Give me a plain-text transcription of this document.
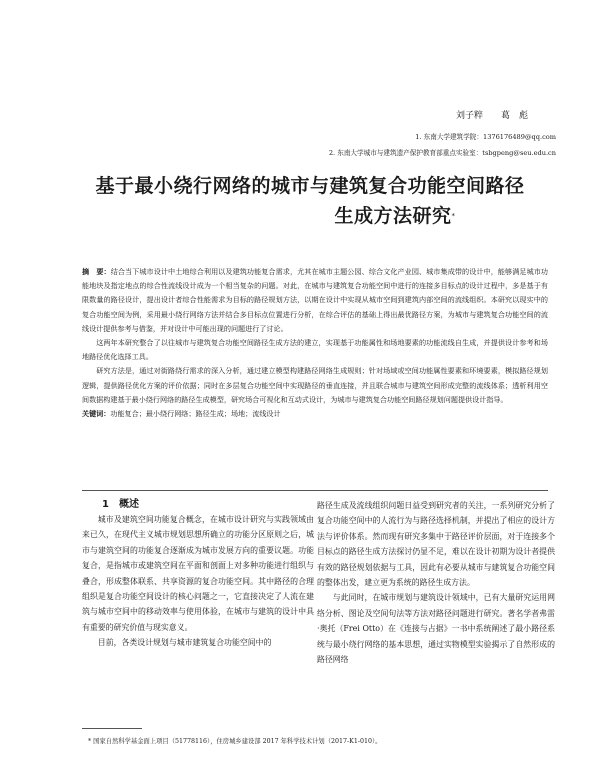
刘子粹　　葛　彪
1. 东南大学建筑学院：1376176489@qq.com
2. 东南大学城市与建筑遗产保护教育部重点实验室：tsbgpeng@seu.edu.cn
基于最小绕行网络的城市与建筑复合功能空间路径
生成方法研究*

摘　要：结合当下城市设计中土地综合利用以及建筑功能复合需求，尤其在城市主题公园、综合文化产业园、城市集成带的设计中，能够满足城市功能地块及指定地点的综合性流线设计成为一个相当复杂的问题。对此，在城市与建筑复合功能空间中进行的连接多目标点的设计过程中，多是基于有限数量的路径设计，提出设计者综合性能需求为目标的路径规划方法，以期在设计中实现从城市空间到建筑内部空间的流线组织。本研究以现实中的复合功能空间为例，采用最小绕行网络方法并结合多目标点位置进行分析，在综合评估的基础上得出最优路径方案，为城市与建筑复合功能空间的流线设计提供参考与借鉴，并对设计中可能出现的问题进行了讨论。

这两年本研究整合了以往城市与建筑复合功能空间路径生成方法的建立，实现基于功能属性和场地要素的功能流线自生成，并提供设计参考和场地路径优化选择工具。

研究方法是，通过对街路绕行需求的深入分析，通过建立模型构建路径网络生成规则；针对场域或空间功能属性要素和环境要素，模拟路径规划逻辑，提供路径优化方案的评价依据；同时在多层复合功能空间中实现路径的垂直连接，并且联合城市与建筑空间形成完整的流线体系；透析利用空间数据构建基于最小绕行网络的路径生成模型，研究场合可视化和互动式设计，为城市与建筑复合功能空间路径规划问题提供设计指导。

关键词：功能复合；最小绕行网络；路径生成；场地；流线设计

1　概述

城市及建筑空间功能复合概念，在城市设计研究与实践领域由来已久，在现代主义城市规划思想所确立的功能分区原则之后，城市与建筑空间的功能复合逐渐成为城市发展方向的重要议题。功能复合，是指城市或建筑空间在平面和剖面上对多种功能进行组织与叠合，形成整体联系、共享资源的复合功能空间。其中路径的合理组织是复合功能空间设计的核心问题之一，它直接决定了人流在建筑与城市空间中的移动效率与使用体验，在城市与建筑的设计中具有重要的研究价值与现实意义。

目前，各类设计规划与城市建筑复合功能空间中的

路径生成及流线组织问题日益受到研究者的关注，一系列研究分析了复合功能空间中的人流行为与路径选择机制，并提出了相应的设计方法与评价体系。然而现有研究多集中于路径评价层面，对于连接多个目标点的路径生成方法探讨仍显不足，难以在设计初期为设计者提供有效的路径规划依据与工具，因此有必要从城市与建筑复合功能空间的整体出发，建立更为系统的路径生成方法。

与此同时，在城市规划与建筑设计领域中，已有大量研究运用网络分析、图论及空间句法等方法对路径问题进行研究。著名学者弗雷·奥托（Frei Otto）在《连接与占据》一书中系统阐述了最小路径系统与最小绕行网络的基本思想，通过实物模型实验揭示了自然形成的路径网络

* 国家自然科学基金面上项目（51778116），住房城乡建设部 2017 年科学技术计划（2017-K1-010）。
